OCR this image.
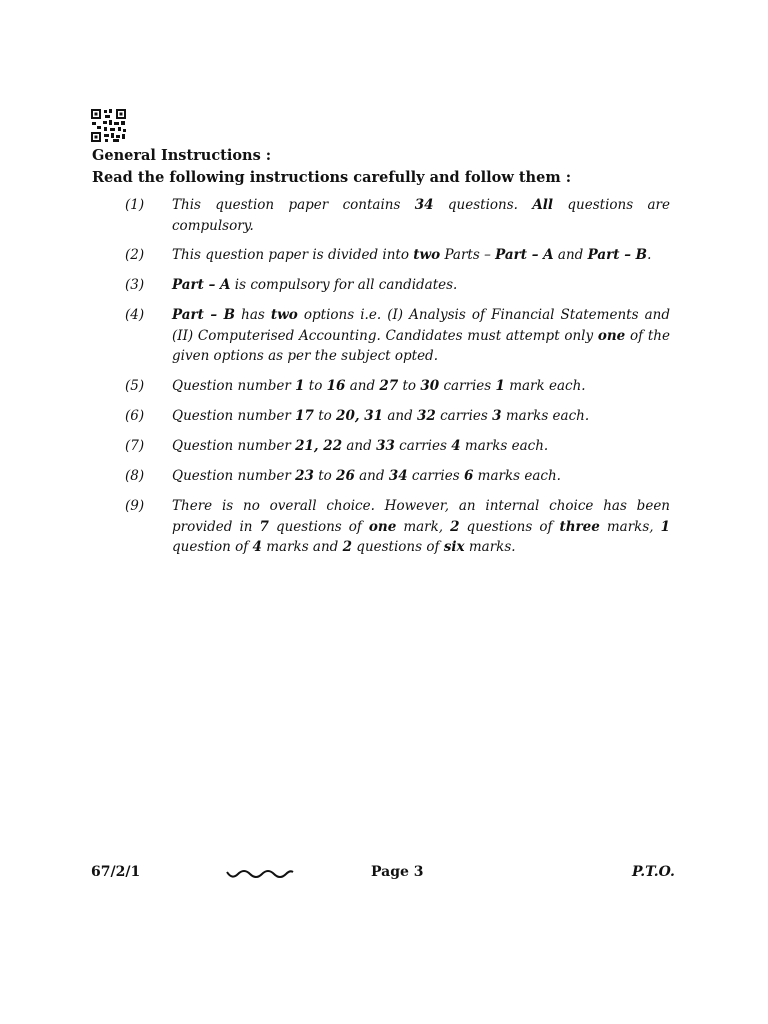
General Instructions :
Read the following instructions carefully and follow them :
(1) This question paper contains 34 questions. All questions are compulsory.
(2) This question paper is divided into two Parts – Part – A and Part – B.
(3) Part – A is compulsory for all candidates.
(4) Part – B has two options i.e. (I) Analysis of Financial Statements and (II) Computerised Accounting. Candidates must attempt only one of the given options as per the subject opted.
(5) Question number 1 to 16 and 27 to 30 carries 1 mark each.
(6) Question number 17 to 20, 31 and 32 carries 3 marks each.
(7) Question number 21, 22 and 33 carries 4 marks each.
(8) Question number 23 to 26 and 34 carries 6 marks each.
(9) There is no overall choice. However, an internal choice has been provided in 7 questions of one mark, 2 questions of three marks, 1 question of 4 marks and 2 questions of six marks.
67/2/1	Page 3	P.T.O.
